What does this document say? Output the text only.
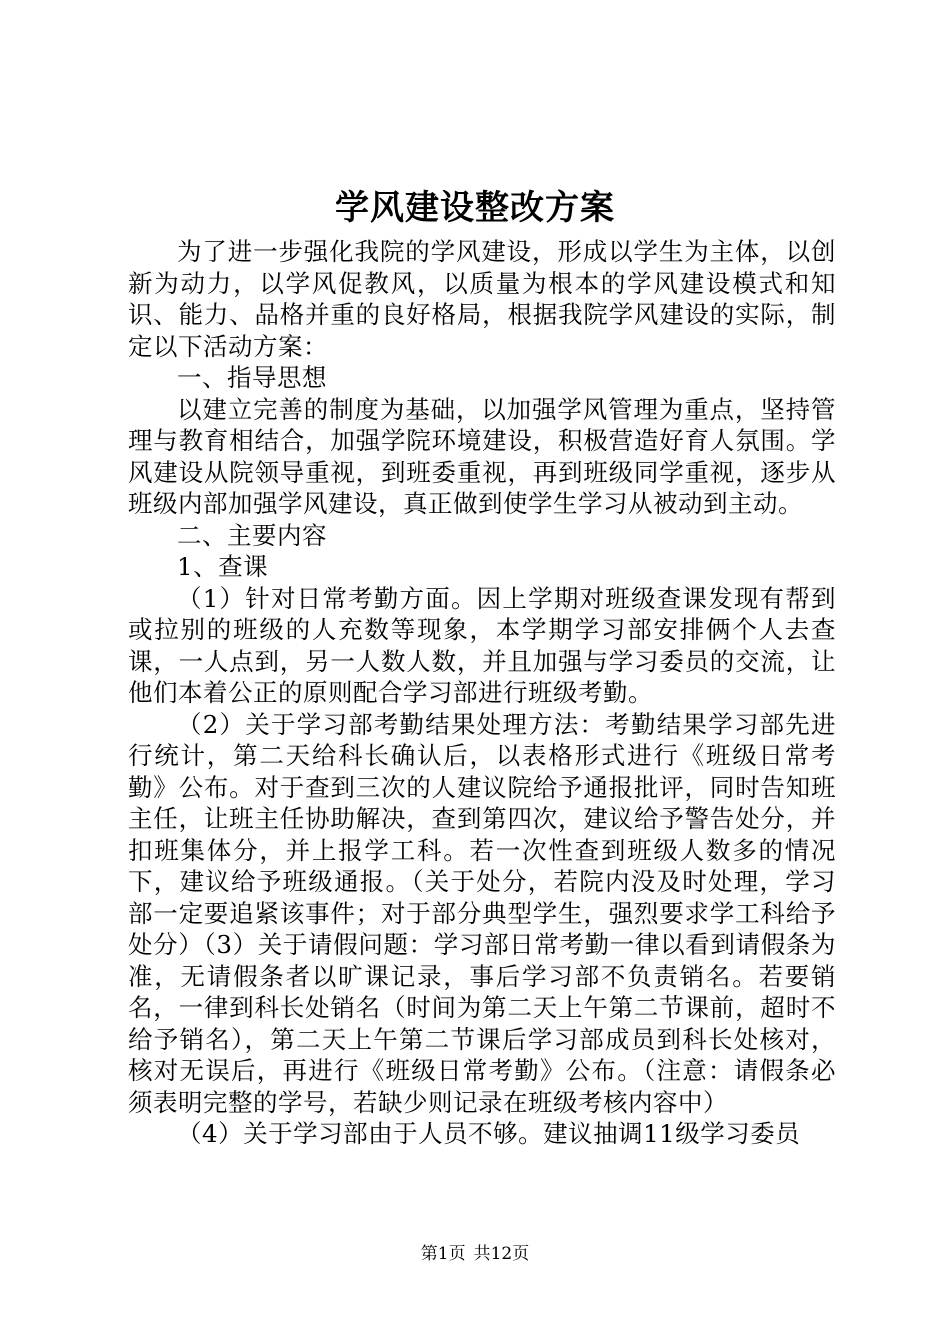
学风建设整改方案

为了进一步强化我院的学风建设，形成以学生为主体，以创新为动力，以学风促教风，以质量为根本的学风建设模式和知识、能力、品格并重的良好格局，根据我院学风建设的实际，制定以下活动方案：

一、指导思想

以建立完善的制度为基础，以加强学风管理为重点，坚持管理与教育相结合，加强学院环境建设，积极营造好育人氛围。学风建设从院领导重视，到班委重视，再到班级同学重视，逐步从班级内部加强学风建设，真正做到使学生学习从被动到主动。

二、主要内容

1、查课

（1）针对日常考勤方面。因上学期对班级查课发现有帮到或拉别的班级的人充数等现象，本学期学习部安排俩个人去查课，一人点到，另一人数人数，并且加强与学习委员的交流，让他们本着公正的原则配合学习部进行班级考勤。

（2）关于学习部考勤结果处理方法：考勤结果学习部先进行统计，第二天给科长确认后，以表格形式进行《班级日常考勤》公布。对于查到三次的人建议院给予通报批评，同时告知班主任，让班主任协助解决，查到第四次，建议给予警告处分，并扣班集体分，并上报学工科。若一次性查到班级人数多的情况下，建议给予班级通报。（关于处分，若院内没及时处理，学习部一定要追紧该事件；对于部分典型学生，强烈要求学工科给予处分）（3）关于请假问题：学习部日常考勤一律以看到请假条为准，无请假条者以旷课记录，事后学习部不负责销名。若要销名，一律到科长处销名（时间为第二天上午第二节课前，超时不给予销名），第二天上午第二节课后学习部成员到科长处核对，核对无误后，再进行《班级日常考勤》公布。（注意：请假条必须表明完整的学号，若缺少则记录在班级考核内容中）

（4）关于学习部由于人员不够。建议抽调11级学习委员

第1页 共12页
